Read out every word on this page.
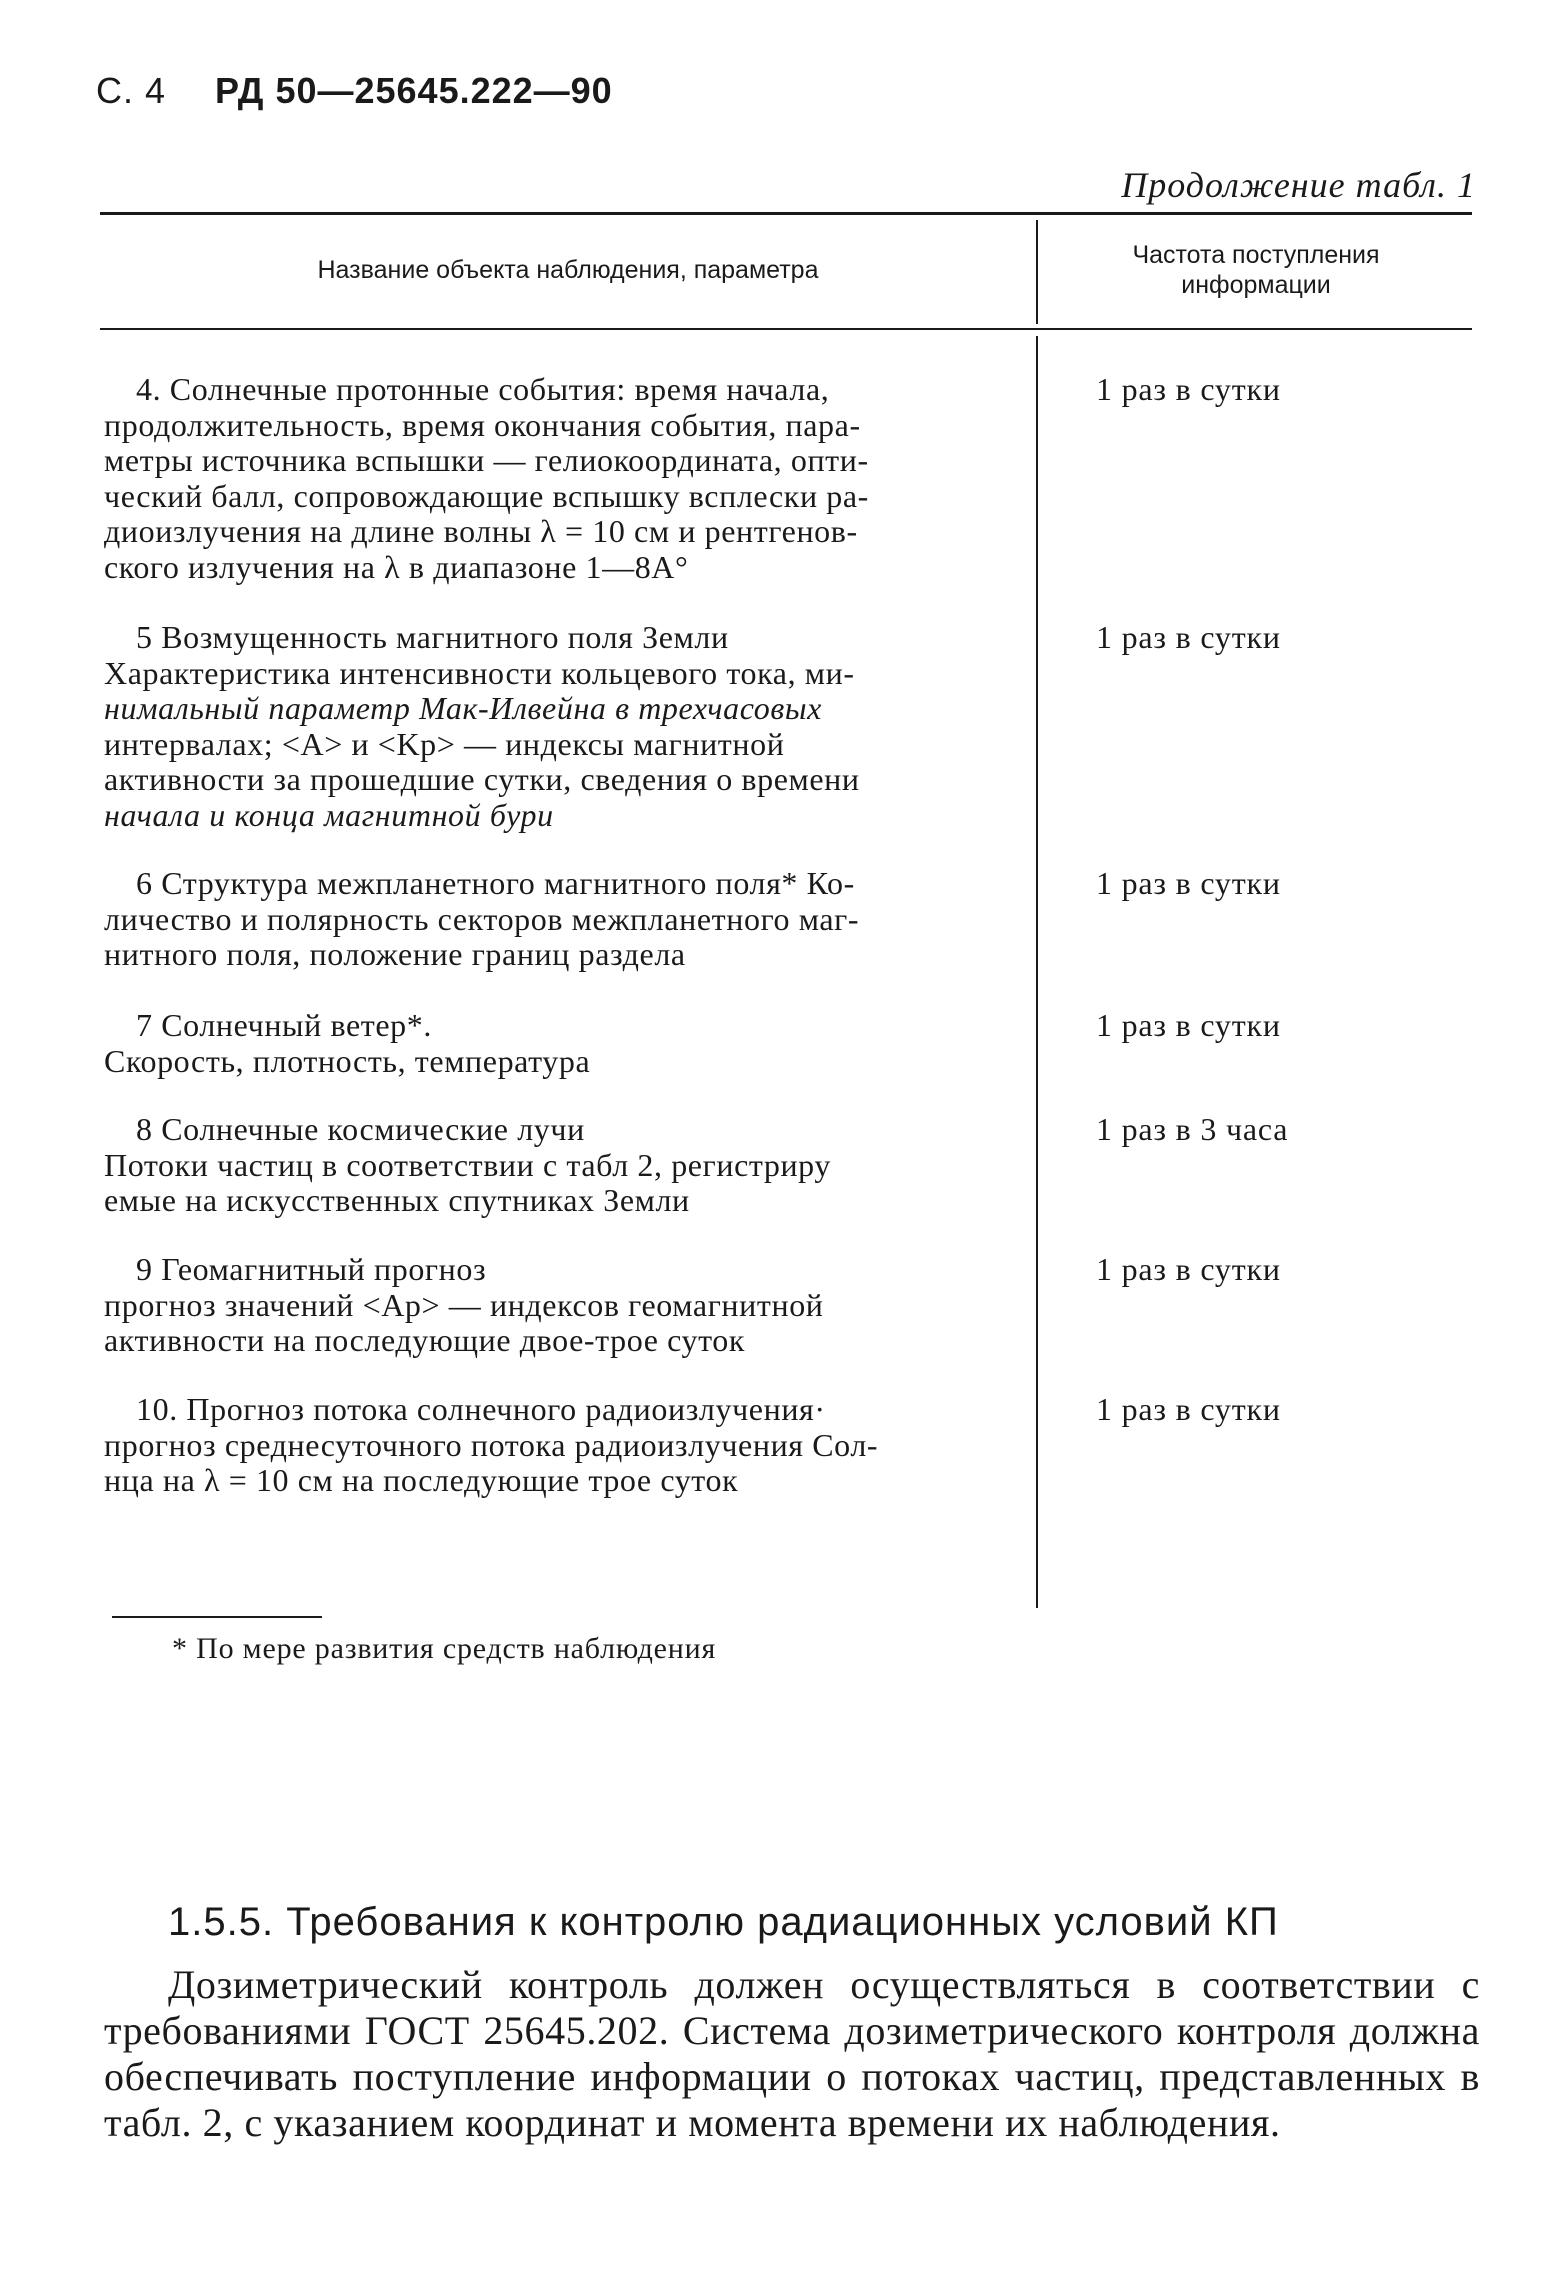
С. 4 РД 50—25645.222—90
Продолжение табл. 1
Название объекта наблюдения, параметра
Частота поступления
информации
4. Солнечные протонные события: время начала,
продолжительность, время окончания события, пара-
метры источника вспышки — гелиокоордината, опти-
ческий балл, сопровождающие вспышку всплески ра-
диоизлучения на длине волны λ = 10 см и рентгенов-
ского излучения на λ в диапазоне 1—8А°
1 раз в сутки
5 Возмущенность магнитного поля Земли
Характеристика интенсивности кольцевого тока, ми-
нимальный параметр Мак-Илвейна в трехчасовых
интервалах; <A> и <Kp> — индексы магнитной
активности за прошедшие сутки, сведения о времени
начала и конца магнитной бури
1 раз в сутки
6 Структура межпланетного магнитного поля* Ко-
личество и полярность секторов межпланетного маг-
нитного поля, положение границ раздела
1 раз в сутки
7 Солнечный ветер*.
Скорость, плотность, температура
1 раз в сутки
8 Солнечные космические лучи
Потоки частиц в соответствии с табл 2, регистриру
емые на искусственных спутниках Земли
1 раз в 3 часа
9 Геомагнитный прогноз
прогноз значений <Ap> — индексов геомагнитной
активности на последующие двое-трое суток
1 раз в сутки
10. Прогноз потока солнечного радиоизлучения·
прогноз среднесуточного потока радиоизлучения Сол-
нца на λ = 10 см на последующие трое суток
1 раз в сутки
* По мере развития средств наблюдения
1.5.5. Требования к контролю радиационных условий КП
Дозиметрический контроль должен осуществляться в соответствии с требованиями ГОСТ 25645.202. Система дозиметрического контроля должна обеспечивать поступление информации о потоках частиц, представленных в табл. 2, с указанием координат и момента времени их наблюдения.
